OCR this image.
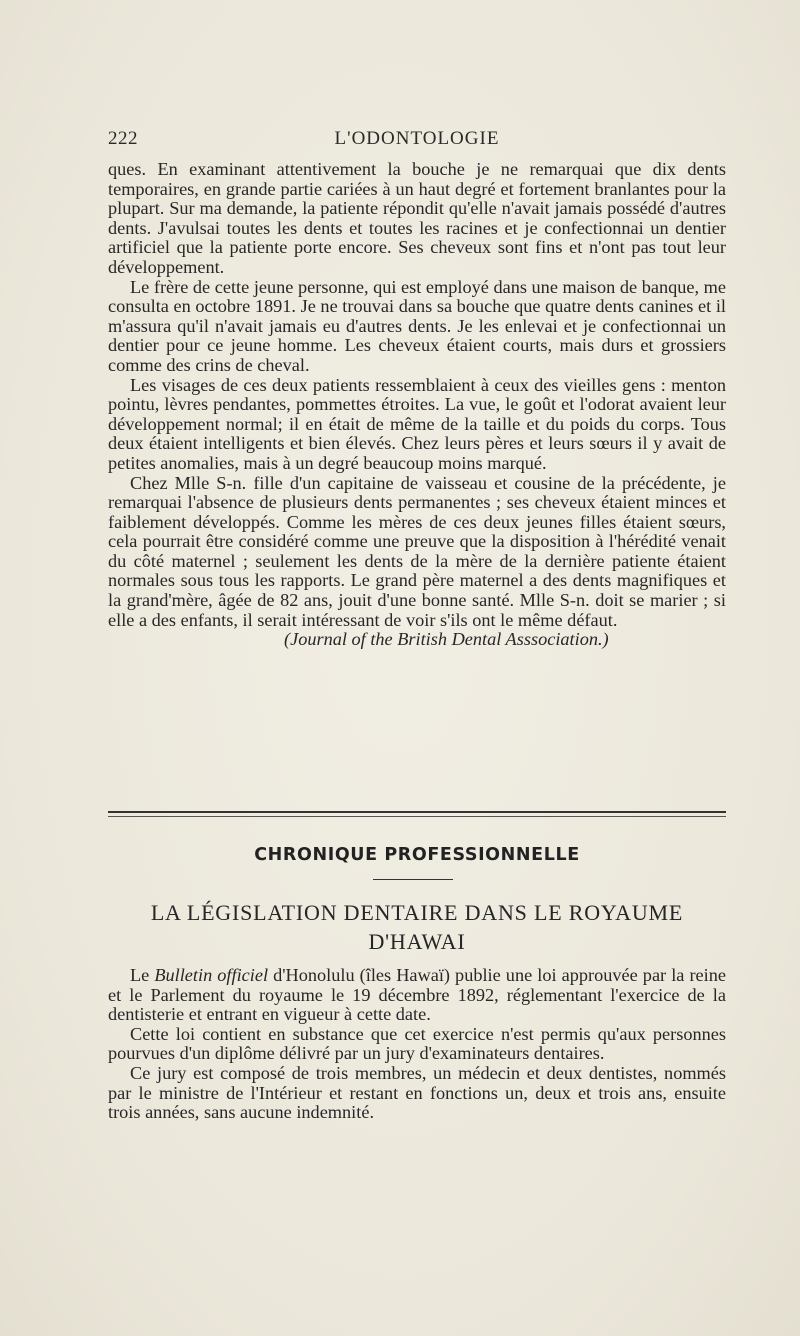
222	L'ODONTOLOGIE

ques. En examinant attentivement la bouche je ne remarquai que dix dents temporaires, en grande partie cariées à un haut degré et fortement branlantes pour la plupart. Sur ma demande, la patiente répondit qu'elle n'avait jamais possédé d'autres dents. J'avulsai toutes les dents et toutes les racines et je confectionnai un dentier artificiel que la patiente porte encore. Ses cheveux sont fins et n'ont pas tout leur développement.

Le frère de cette jeune personne, qui est employé dans une maison de banque, me consulta en octobre 1891. Je ne trouvai dans sa bouche que quatre dents canines et il m'assura qu'il n'avait jamais eu d'autres dents. Je les enlevai et je confectionnai un dentier pour ce jeune homme. Les cheveux étaient courts, mais durs et grossiers comme des crins de cheval.

Les visages de ces deux patients ressemblaient à ceux des vieilles gens : menton pointu, lèvres pendantes, pommettes étroites. La vue, le goût et l'odorat avaient leur développement normal; il en était de même de la taille et du poids du corps. Tous deux étaient intelligents et bien élevés. Chez leurs pères et leurs sœurs il y avait de petites anomalies, mais à un degré beaucoup moins marqué.

Chez Mlle S-n. fille d'un capitaine de vaisseau et cousine de la précédente, je remarquai l'absence de plusieurs dents permanentes ; ses cheveux étaient minces et faiblement développés. Comme les mères de ces deux jeunes filles étaient sœurs, cela pourrait être considéré comme une preuve que la disposition à l'hérédité venait du côté maternel ; seulement les dents de la mère de la dernière patiente étaient normales sous tous les rapports. Le grand père maternel a des dents magnifiques et la grand'mère, âgée de 82 ans, jouit d'une bonne santé. Mlle S-n. doit se marier ; si elle a des enfants, il serait intéressant de voir s'ils ont le même défaut.

(Journal of the British Dental Asssociation.)

CHRONIQUE PROFESSIONNELLE
LA LÉGISLATION DENTAIRE DANS LE ROYAUME
D'HAWAI

Le Bulletin officiel d'Honolulu (îles Hawaï) publie une loi approuvée par la reine et le Parlement du royaume le 19 décembre 1892, réglementant l'exercice de la dentisterie et entrant en vigueur à cette date.

Cette loi contient en substance que cet exercice n'est permis qu'aux personnes pourvues d'un diplôme délivré par un jury d'examinateurs dentaires.

Ce jury est composé de trois membres, un médecin et deux dentistes, nommés par le ministre de l'Intérieur et restant en fonctions un, deux et trois ans, ensuite trois années, sans aucune indemnité.
